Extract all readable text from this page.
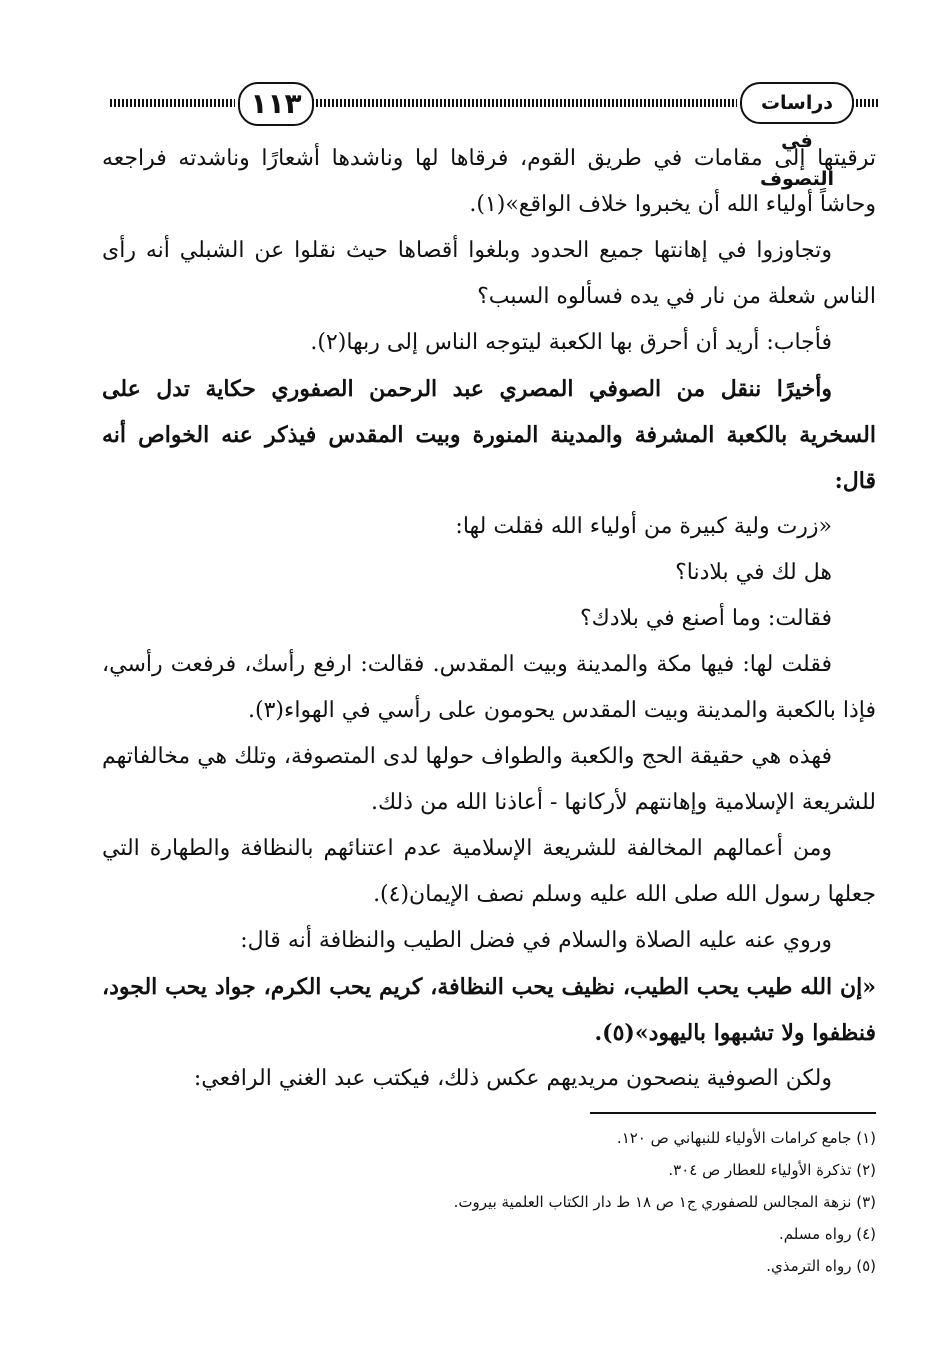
١١٣	دراسات في التصوف

ترقيتها إلى مقامات في طريق القوم، فرقاها لها وناشدها أشعارًا وناشدته فراجعه وحاشاً أولياء الله أن يخبروا خلاف الواقع»(١).

وتجاوزوا في إهانتها جميع الحدود وبلغوا أقصاها حيث نقلوا عن الشبلي أنه رأى الناس شعلة من نار في يده فسألوه السبب؟

فأجاب: أريد أن أحرق بها الكعبة ليتوجه الناس إلى ربها(٢).

وأخيرًا ننقل من الصوفي المصري عبد الرحمن الصفوري حكاية تدل على السخرية بالكعبة المشرفة والمدينة المنورة وبيت المقدس فيذكر عنه الخواص أنه قال:

«زرت ولية كبيرة من أولياء الله فقلت لها:

هل لك في بلادنا؟

فقالت: وما أصنع في بلادك؟

فقلت لها: فيها مكة والمدينة وبيت المقدس. فقالت: ارفع رأسك، فرفعت رأسي، فإذا بالكعبة والمدينة وبيت المقدس يحومون على رأسي في الهواء(٣).

فهذه هي حقيقة الحج والكعبة والطواف حولها لدى المتصوفة، وتلك هي مخالفاتهم للشريعة الإسلامية وإهانتهم لأركانها - أعاذنا الله من ذلك.

ومن أعمالهم المخالفة للشريعة الإسلامية عدم اعتنائهم بالنظافة والطهارة التي جعلها رسول الله صلى الله عليه وسلم نصف الإيمان(٤).

وروي عنه عليه الصلاة والسلام في فضل الطيب والنظافة أنه قال:

«إن الله طيب يحب الطيب، نظيف يحب النظافة، كريم يحب الكرم، جواد يحب الجود، فنظفوا ولا تشبهوا باليهود»(٥).

ولكن الصوفية ينصحون مريديهم عكس ذلك، فيكتب عبد الغني الرافعي:

(١) جامع كرامات الأولياء للنبهاني ص ١٢٠.

(٢) تذكرة الأولياء للعطار ص ٣٠٤.

(٣) نزهة المجالس للصفوري ج١ ص ١٨ ط دار الكتاب العلمية بيروت.

(٤) رواه مسلم.

(٥) رواه الترمذي.
